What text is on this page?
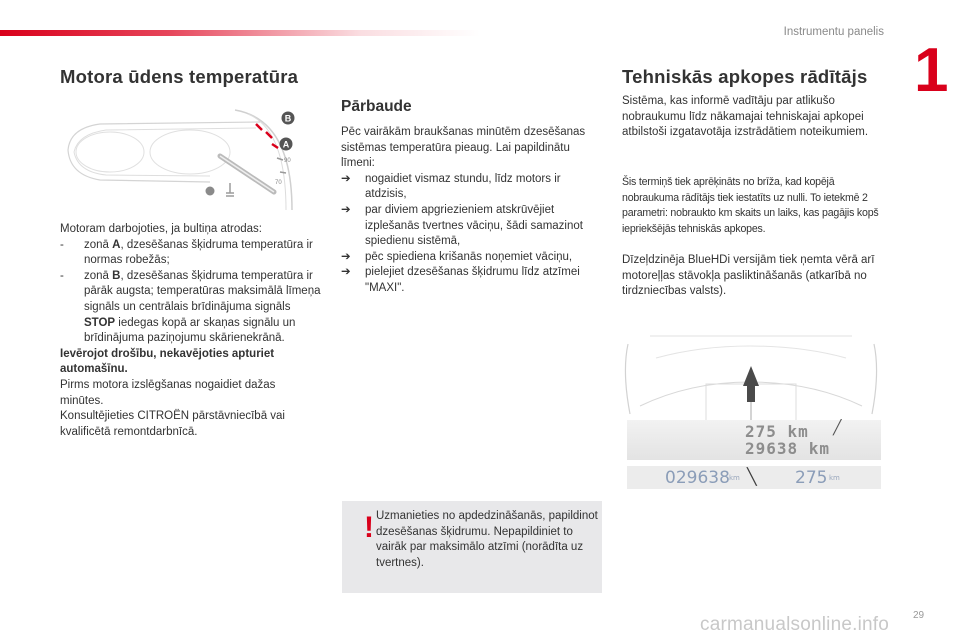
Instrumentu panelis
1
Motora ūdens temperatūra
B
A
90
70
Motoram darbojoties, ja bultiņa atrodas:
-	zonā A, dzesēšanas šķidruma temperatūra ir normas robežās;
-	zonā B, dzesēšanas šķidruma temperatūra ir pārāk augsta; temperatūras maksimālā līmeņa signāls un centrālais brīdinājuma signāls STOP iedegas kopā ar skaņas signālu un brīdinājuma paziņojumu skārienekrānā.
Ievērojot drošību, nekavējoties apturiet automašīnu.
Pirms motora izslēgšanas nogaidiet dažas minūtes.
Konsultējieties CITROËN pārstāvniecībā vai kvalificētā remontdarbnīcā.
Pārbaude
Pēc vairākām braukšanas minūtēm dzesēšanas sistēmas temperatūra pieaug. Lai papildinātu līmeni:
➔	nogaidiet vismaz stundu, līdz motors ir atdzisis,
➔	par diviem apgriezieniem atskrūvējiet izplešanās tvertnes vāciņu, šādi samazinot spiedienu sistēmā,
➔	pēc spiediena krišanās noņemiet vāciņu,
➔	pielejiet dzesēšanas šķidrumu līdz atzīmei "MAXI".
! Uzmanieties no apdedzināšanās, papildinot dzesēšanas šķidrumu. Nepapildiniet to vairāk par maksimālo atzīmi (norādīta uz tvertnes).
Tehniskās apkopes rādītājs
Sistēma, kas informē vadītāju par atlikušo nobraukumu līdz nākamajai tehniskajai apkopei atbilstoši izgatavotāja izstrādātiem noteikumiem.
Šis termiņš tiek aprēķināts no brīža, kad kopējā nobraukuma rādītājs tiek iestatīts uz nulli. To ietekmē 2 parametri: nobraukto km skaits un laiks, kas pagājis kopš iepriekšējās tehniskās apkopes.
Dīzeļdzinēja BlueHDi versijām tiek ņemta vērā arī motoreļļas stāvokļa pasliktināšanās (atkarībā no tirdzniecības valsts).
275 km
29638 km
╱
029638 km ╲ 275 km
29
carmanualsonline.info
